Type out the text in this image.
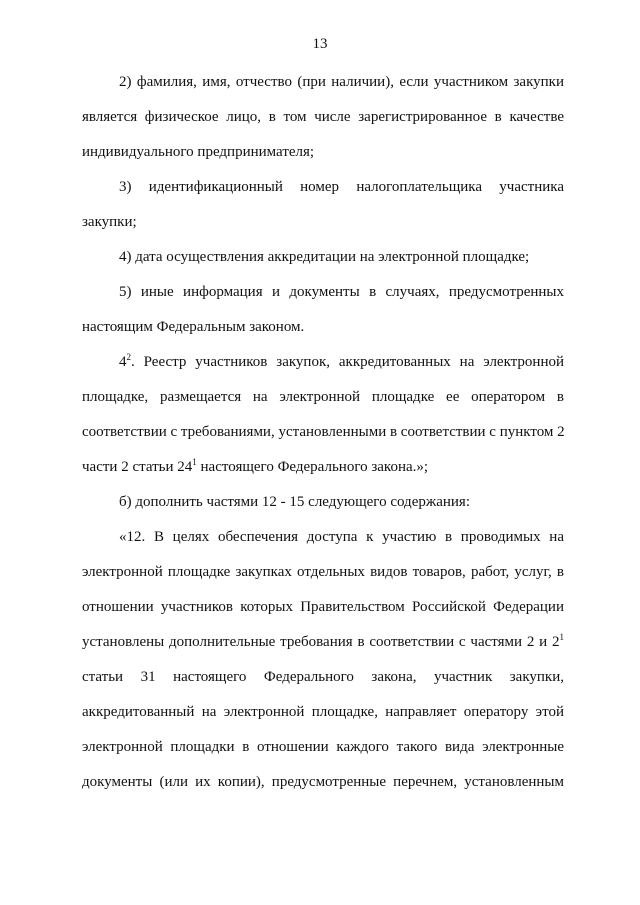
13
2) фамилия, имя, отчество (при наличии), если участником закупки
является физическое лицо, в том числе зарегистрированное в качестве
индивидуального предпринимателя;
3) идентификационный номер налогоплательщика участника
закупки;
4) дата осуществления аккредитации на электронной площадке;
5) иные информация и документы в случаях, предусмотренных
настоящим Федеральным законом.
$4^2$. Реестр участников закупок, аккредитованных на электронной
площадке, размещается на электронной площадке ее оператором в
соответствии с требованиями, установленными в соответствии с пунктом 2
части 2 статьи $24^1$ настоящего Федерального закона.»;
б) дополнить частями 12 - 15 следующего содержания:
«12. В целях обеспечения доступа к участию в проводимых на
электронной площадке закупках отдельных видов товаров, работ, услуг, в
отношении участников которых Правительством Российской Федерации
установлены дополнительные требования в соответствии с частями 2 и $2^1$
статьи 31 настоящего Федерального закона, участник закупки,
аккредитованный на электронной площадке, направляет оператору этой
электронной площадки в отношении каждого такого вида электронные
документы (или их копии), предусмотренные перечнем, установленным
